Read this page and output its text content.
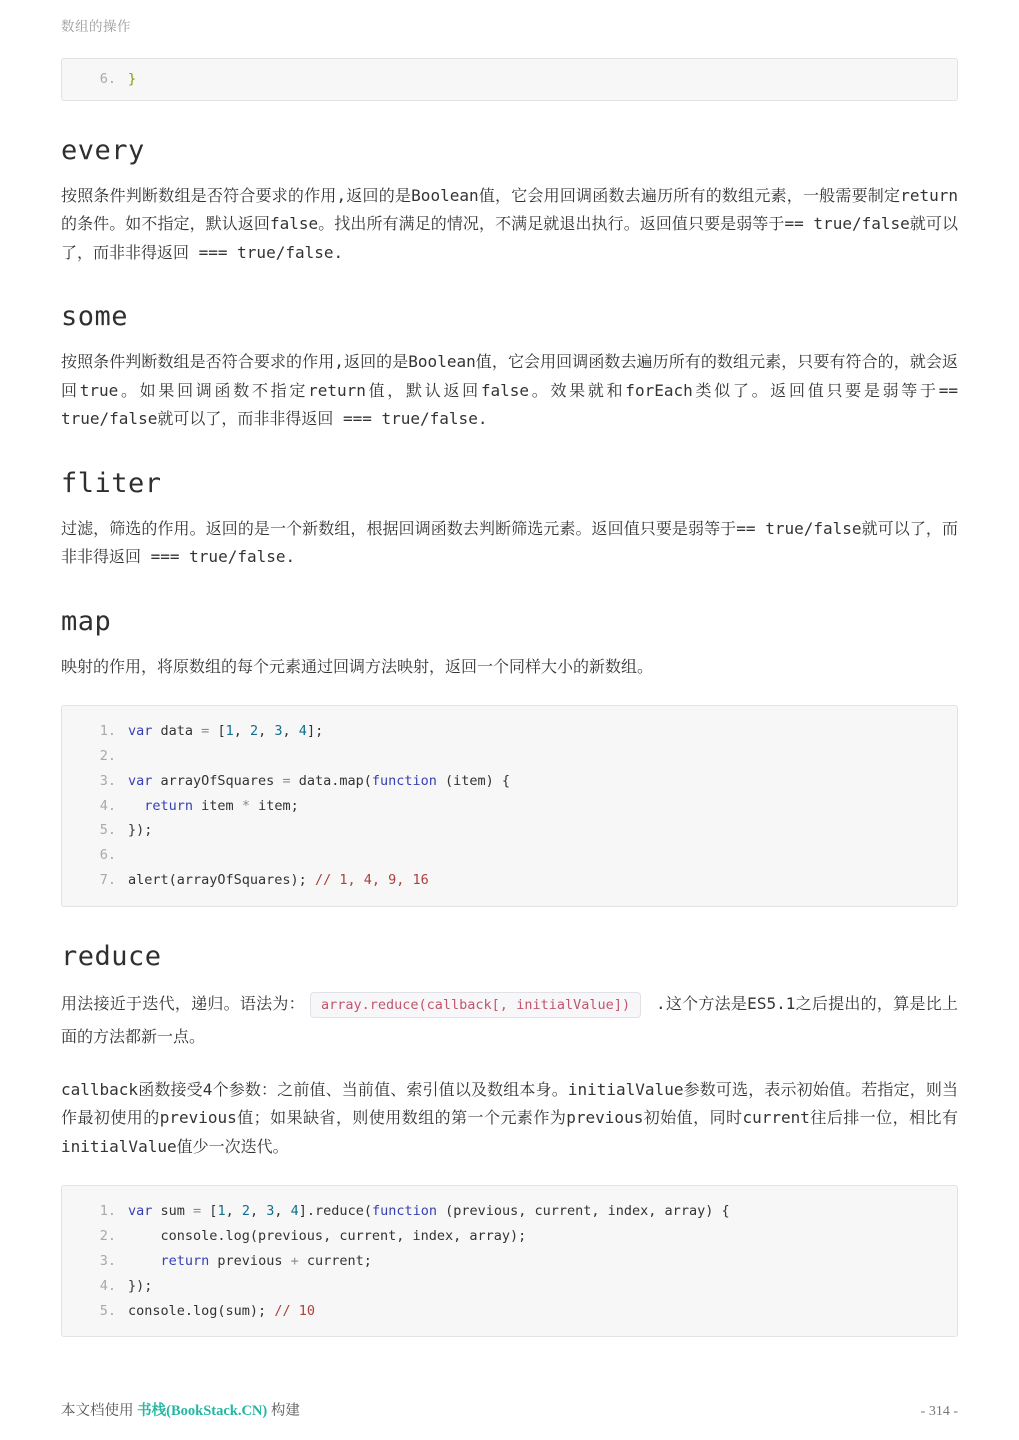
数组的操作
6. }
every

按照条件判断数组是否符合要求的作用,返回的是Boolean值，它会用回调函数去遍历所有的数组元素，一般需要制定return的条件。如不指定，默认返回false。找出所有满足的情况，不满足就退出执行。返回值只要是弱等于== true/false就可以了，而非非得返回 === true/false.

some

按照条件判断数组是否符合要求的作用,返回的是Boolean值，它会用回调函数去遍历所有的数组元素，只要有符合的，就会返回true。如果回调函数不指定return值，默认返回false。效果就和forEach类似了。返回值只要是弱等于== true/false就可以了，而非非得返回 === true/false.

fliter

过滤，筛选的作用。返回的是一个新数组，根据回调函数去判断筛选元素。返回值只要是弱等于== true/false就可以了，而非非得返回 === true/false.

map

映射的作用，将原数组的每个元素通过回调方法映射，返回一个同样大小的新数组。

1. var data = [1, 2, 3, 4];
2.
3. var arrayOfSquares = data.map(function (item) {
4. return item * item;
5. });
6.
7. alert(arrayOfSquares); // 1, 4, 9, 16
reduce

用法接近于迭代，递归。语法为： array.reduce(callback[, initialValue]) .这个方法是ES5.1之后提出的，算是比上面的方法都新一点。

callback函数接受4个参数：之前值、当前值、索引值以及数组本身。initialValue参数可选，表示初始值。若指定，则当作最初使用的previous值；如果缺省，则使用数组的第一个元素作为previous初始值，同时current往后排一位，相比有initialValue值少一次迭代。

1. var sum = [1, 2, 3, 4].reduce(function (previous, current, index, array) {
2.    console.log(previous, current, index, array);
3.	return previous + current;
4. });
5. console.log(sum); // 10
本文档使用 书栈(BookStack.CN) 构建	- 314 -
